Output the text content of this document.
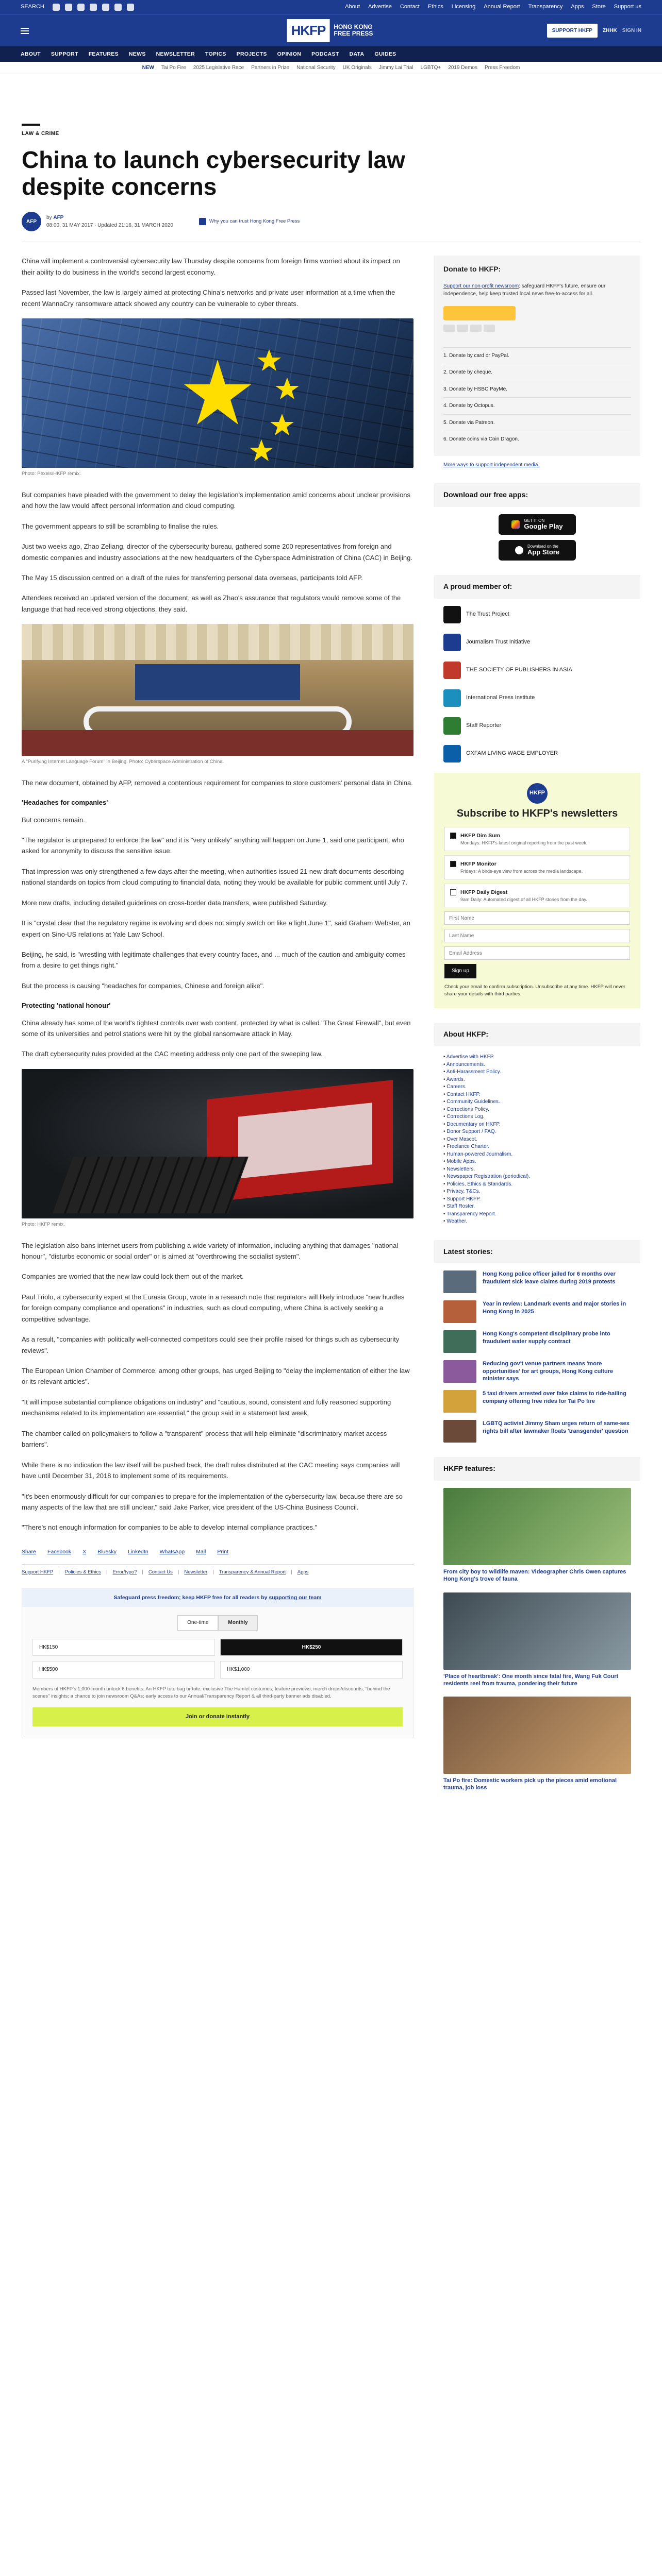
SEARCH	About Advertise Contact Ethics Licensing Annual Report Transparency Apps Store Support us
HKFP	HONG KONG FREE PRESS	SUPPORT HKFP	ZHHK SIGN IN
ABOUT SUPPORT FEATURES NEWS NEWSLETTER TOPICS PROJECTS OPINION PODCAST DATA GUIDES
NEW Tai Po Fire 2025 Legislative Race Partners in Prize National Security UK Originals Jimmy Lai Trial LGBTQ+ 2019 Demos Press Freedom
LAW & CRIME
China to launch cybersecurity law despite concerns
AFP
by AFP
08:00, 31 MAY 2017 · Updated 21:16, 31 MARCH 2020
Why you can trust Hong Kong Free Press

China will implement a controversial cybersecurity law Thursday despite concerns from foreign firms worried about its impact on their ability to do business in the world's second largest economy.

Passed last November, the law is largely aimed at protecting China's networks and private user information at a time when the recent WannaCry ransomware attack showed any country can be vulnerable to cyber threats.

Photo: Pexels/HKFP remix.

But companies have pleaded with the government to delay the legislation's implementation amid concerns about unclear provisions and how the law would affect personal information and cloud computing.

The government appears to still be scrambling to finalise the rules.

Just two weeks ago, Zhao Zeliang, director of the cybersecurity bureau, gathered some 200 representatives from foreign and domestic companies and industry associations at the new headquarters of the Cyberspace Administration of China (CAC) in Beijing.

The May 15 discussion centred on a draft of the rules for transferring personal data overseas, participants told AFP.

Attendees received an updated version of the document, as well as Zhao's assurance that regulators would remove some of the language that had received strong objections, they said.

A "Purifying Internet Language Forum" in Beijing. Photo: Cyberspace Administration of China.

The new document, obtained by AFP, removed a contentious requirement for companies to store customers' personal data in China.

'Headaches for companies'

But concerns remain.

"The regulator is unprepared to enforce the law" and it is "very unlikely" anything will happen on June 1, said one participant, who asked for anonymity to discuss the sensitive issue.

That impression was only strengthened a few days after the meeting, when authorities issued 21 new draft documents describing national standards on topics from cloud computing to financial data, noting they would be available for public comment until July 7.

More new drafts, including detailed guidelines on cross-border data transfers, were published Saturday.

It is "crystal clear that the regulatory regime is evolving and does not simply switch on like a light June 1", said Graham Webster, an expert on Sino-US relations at Yale Law School.

Beijing, he said, is "wrestling with legitimate challenges that every country faces, and ... much of the caution and ambiguity comes from a desire to get things right."

But the process is causing "headaches for companies, Chinese and foreign alike".

Protecting 'national honour'

China already has some of the world's tightest controls over web content, protected by what is called "The Great Firewall", but even some of its universities and petrol stations were hit by the global ransomware attack in May.

The draft cybersecurity rules provided at the CAC meeting address only one part of the sweeping law.

Photo: HKFP remix.

The legislation also bans internet users from publishing a wide variety of information, including anything that damages "national honour", "disturbs economic or social order" or is aimed at "overthrowing the socialist system".

Companies are worried that the new law could lock them out of the market.

Paul Triolo, a cybersecurity expert at the Eurasia Group, wrote in a research note that regulators will likely introduce "new hurdles for foreign company compliance and operations" in industries, such as cloud computing, where China is actively seeking a competitive advantage.

As a result, "companies with politically well-connected competitors could see their profile raised for things such as cybersecurity reviews".

The European Union Chamber of Commerce, among other groups, has urged Beijing to "delay the implementation of either the law or its relevant articles".

"It will impose substantial compliance obligations on industry" and "cautious, sound, consistent and fully reasoned supporting mechanisms related to its implementation are essential," the group said in a statement last week.

The chamber called on policymakers to follow a "transparent" process that will help eliminate "discriminatory market access barriers".

While there is no indication the law itself will be pushed back, the draft rules distributed at the CAC meeting says companies will have until December 31, 2018 to implement some of its requirements.

"It's been enormously difficult for our companies to prepare for the implementation of the cybersecurity law, because there are so many aspects of the law that are still unclear," said Jake Parker, vice president of the US-China Business Council.

"There's not enough information for companies to be able to develop internal compliance practices."

Share Facebook X Bluesky LinkedIn WhatsApp Mail Print
Support HKFP | Policies & Ethics | Error/typo? | Contact Us | Newsletter | Transparency & Annual Report | Apps
Safeguard press freedom; keep HKFP free for all readers by supporting our team
One-time	Monthly
HK$150	HK$250
HK$500	HK$1,000
Members of HKFP's 1,000-month unlock 6 benefits: An HKFP tote bag or tote; exclusive The Hamlet costumes; feature previews; merch drops/discounts; "behind the scenes" insights; a chance to join newsroom Q&As; early access to our Annual/Transparency Report & all third-party banner ads disabled.
Join or donate instantly
Donate to HKFP:
Support our non-profit newsroom: safeguard HKFP's future, ensure our independence, help keep trusted local news free-to-access for all.
1. Donate by card or PayPal.
2. Donate by cheque.
3. Donate by HSBC PayMe.
4. Donate by Octopus.
5. Donate via Patreon.
6. Donate coins via Coin Dragon.
More ways to support independent media.
Download our free apps:
GET IT ON
Google Play
Download on the
App Store
A proud member of:
The Trust Project
Journalism Trust Initiative
THE SOCIETY OF PUBLISHERS IN ASIA
International Press Institute
Staff Reporter
OXFAM LIVING WAGE EMPLOYER
HKFP
Subscribe to HKFP's newsletters
HKFP Dim Sum
Mondays: HKFP's latest original reporting from the past week.
HKFP Monitor
Fridays: A birds-eye view from across the media landscape.
HKFP Daily Digest
9am Daily: Automated digest of all HKFP stories from the day.
First Name Last Name Email Address Sign up
Check your email to confirm subscription. Unsubscribe at any time. HKFP will never share your details with third parties.
About HKFP:
• Advertise with HKFP.
• Announcements.
• Anti-Harassment Policy.
• Awards.
• Careers.
• Contact HKFP.
• Community Guidelines.
• Corrections Policy.
• Corrections Log.
• Documentary on HKFP.
• Donor Support / FAQ.
• Over Mascot.
• Freelance Charter.
• Human-powered Journalism.
• Mobile Apps.
• Newsletters.
• Newspaper Registration (periodical).
• Policies, Ethics & Standards.
• Privacy, T&Cs.
• Support HKFP.
• Staff Roster.
• Transparency Report.
• Weather.
Latest stories:
Hong Kong police officer jailed for 6 months over fraudulent sick leave claims during 2019 protests
Year in review: Landmark events and major stories in Hong Kong in 2025
Hong Kong's competent disciplinary probe into fraudulent water supply contract
Reducing gov't venue partners means 'more opportunities' for art groups, Hong Kong culture minister says
5 taxi drivers arrested over fake claims to ride-hailing company offering free rides for Tai Po fire
LGBTQ activist Jimmy Sham urges return of same-sex rights bill after lawmaker floats 'transgender' question
HKFP features:
From city boy to wildlife maven: Videographer Chris Owen captures Hong Kong's trove of fauna
'Place of heartbreak': One month since fatal fire, Wang Fuk Court residents reel from trauma, pondering their future
Tai Po fire: Domestic workers pick up the pieces amid emotional trauma, job loss
